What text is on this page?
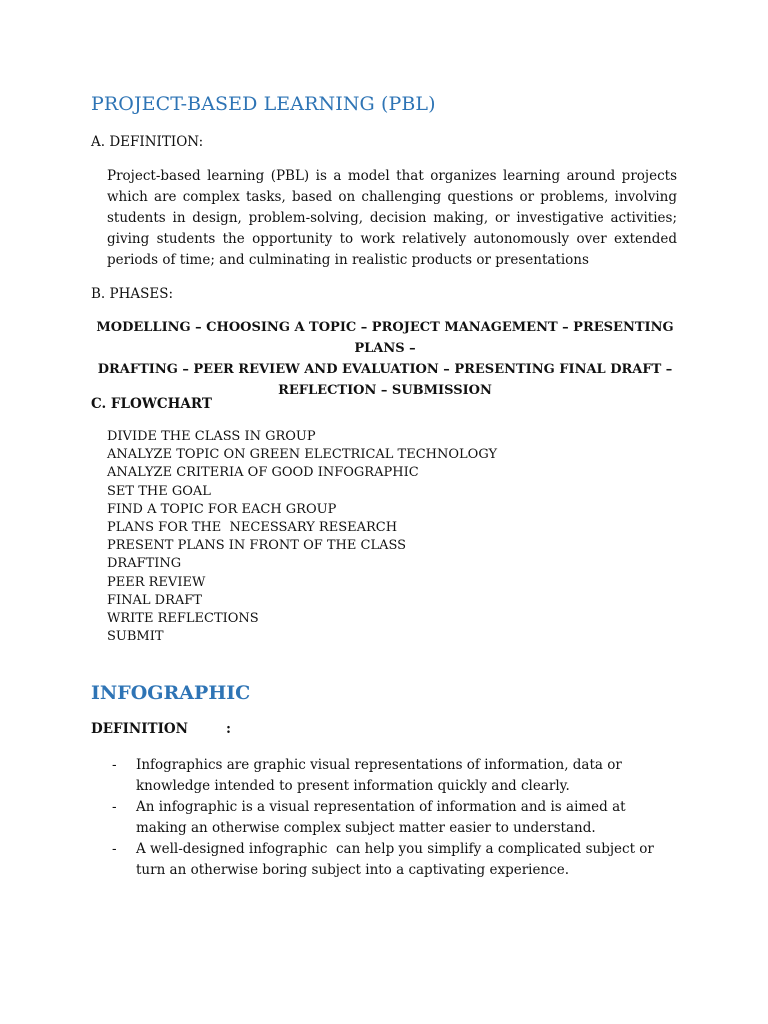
PROJECT-BASED LEARNING (PBL)

A. DEFINITION:

Project-based learning (PBL) is a model that organizes learning around projects which are complex tasks, based on challenging questions or problems, involving students in design, problem-solving, decision making, or investigative activities; giving students the opportunity to work relatively autonomously over extended periods of time; and culminating in realistic products or presentations

B. PHASES:

MODELLING – CHOOSING A TOPIC – PROJECT MANAGEMENT – PRESENTING PLANS –
DRAFTING – PEER REVIEW AND EVALUATION – PRESENTING FINAL DRAFT –
REFLECTION – SUBMISSION

C. FLOWCHART

DIVIDE THE CLASS IN GROUP
ANALYZE TOPIC ON GREEN ELECTRICAL TECHNOLOGY
ANALYZE CRITERIA OF GOOD INFOGRAPHIC
SET THE GOAL
FIND A TOPIC FOR EACH GROUP
PLANS FOR THE  NECESSARY RESEARCH
PRESENT PLANS IN FRONT OF THE CLASS
DRAFTING
PEER REVIEW
FINAL DRAFT
WRITE REFLECTIONS
SUBMIT
INFOGRAPHIC

DEFINITION	:

- Infographics are graphic visual representations of information, data or knowledge intended to present information quickly and clearly.
- An infographic is a visual representation of information and is aimed at making an otherwise complex subject matter easier to understand.
- A well-designed infographic  can help you simplify a complicated subject or turn an otherwise boring subject into a captivating experience.
